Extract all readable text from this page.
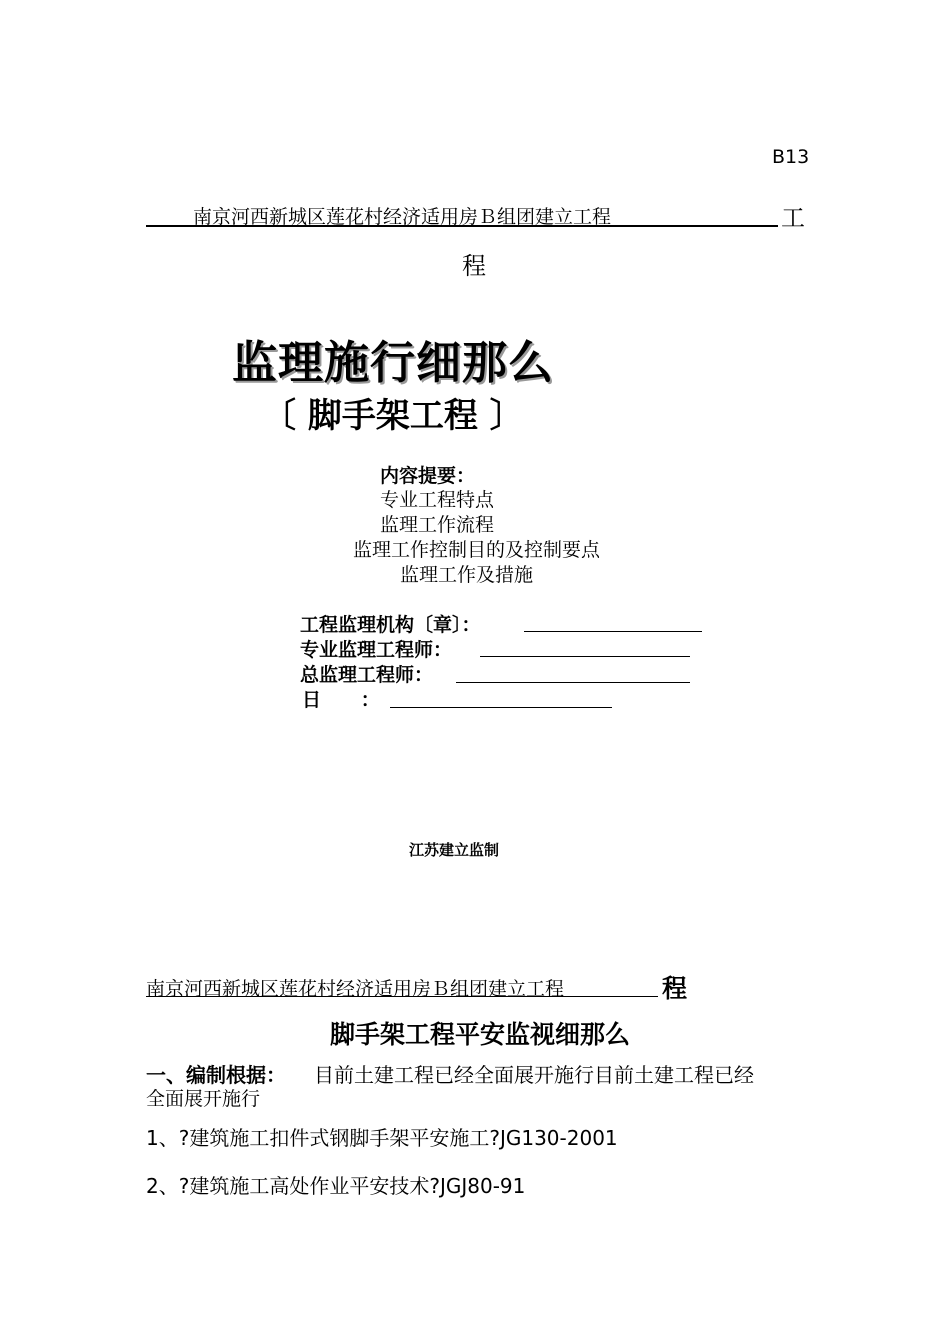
B13
南京河西新城区莲花村经济适用房Ｂ组团建立工程	工
程
监理施行细那么
〔 脚手架工程 〕
内容提要：
专业工程特点
监理工作流程
监理工作控制目的及控制要点
监理工作及措施
工程监理机构〔章〕：
专业监理工程师：
总监理工程师：
日      ：
江苏建立监制
南京河西新城区莲花村经济适用房Ｂ组团建立工程	程
脚手架工程平安监视细那么
一、编制根据： 目前土建工程已经全面展开施行目前土建工程已经
全面展开施行
1、?建筑施工扣件式钢脚手架平安施工?JG130-2001
2、?建筑施工高处作业平安技术?JGJ80-91
